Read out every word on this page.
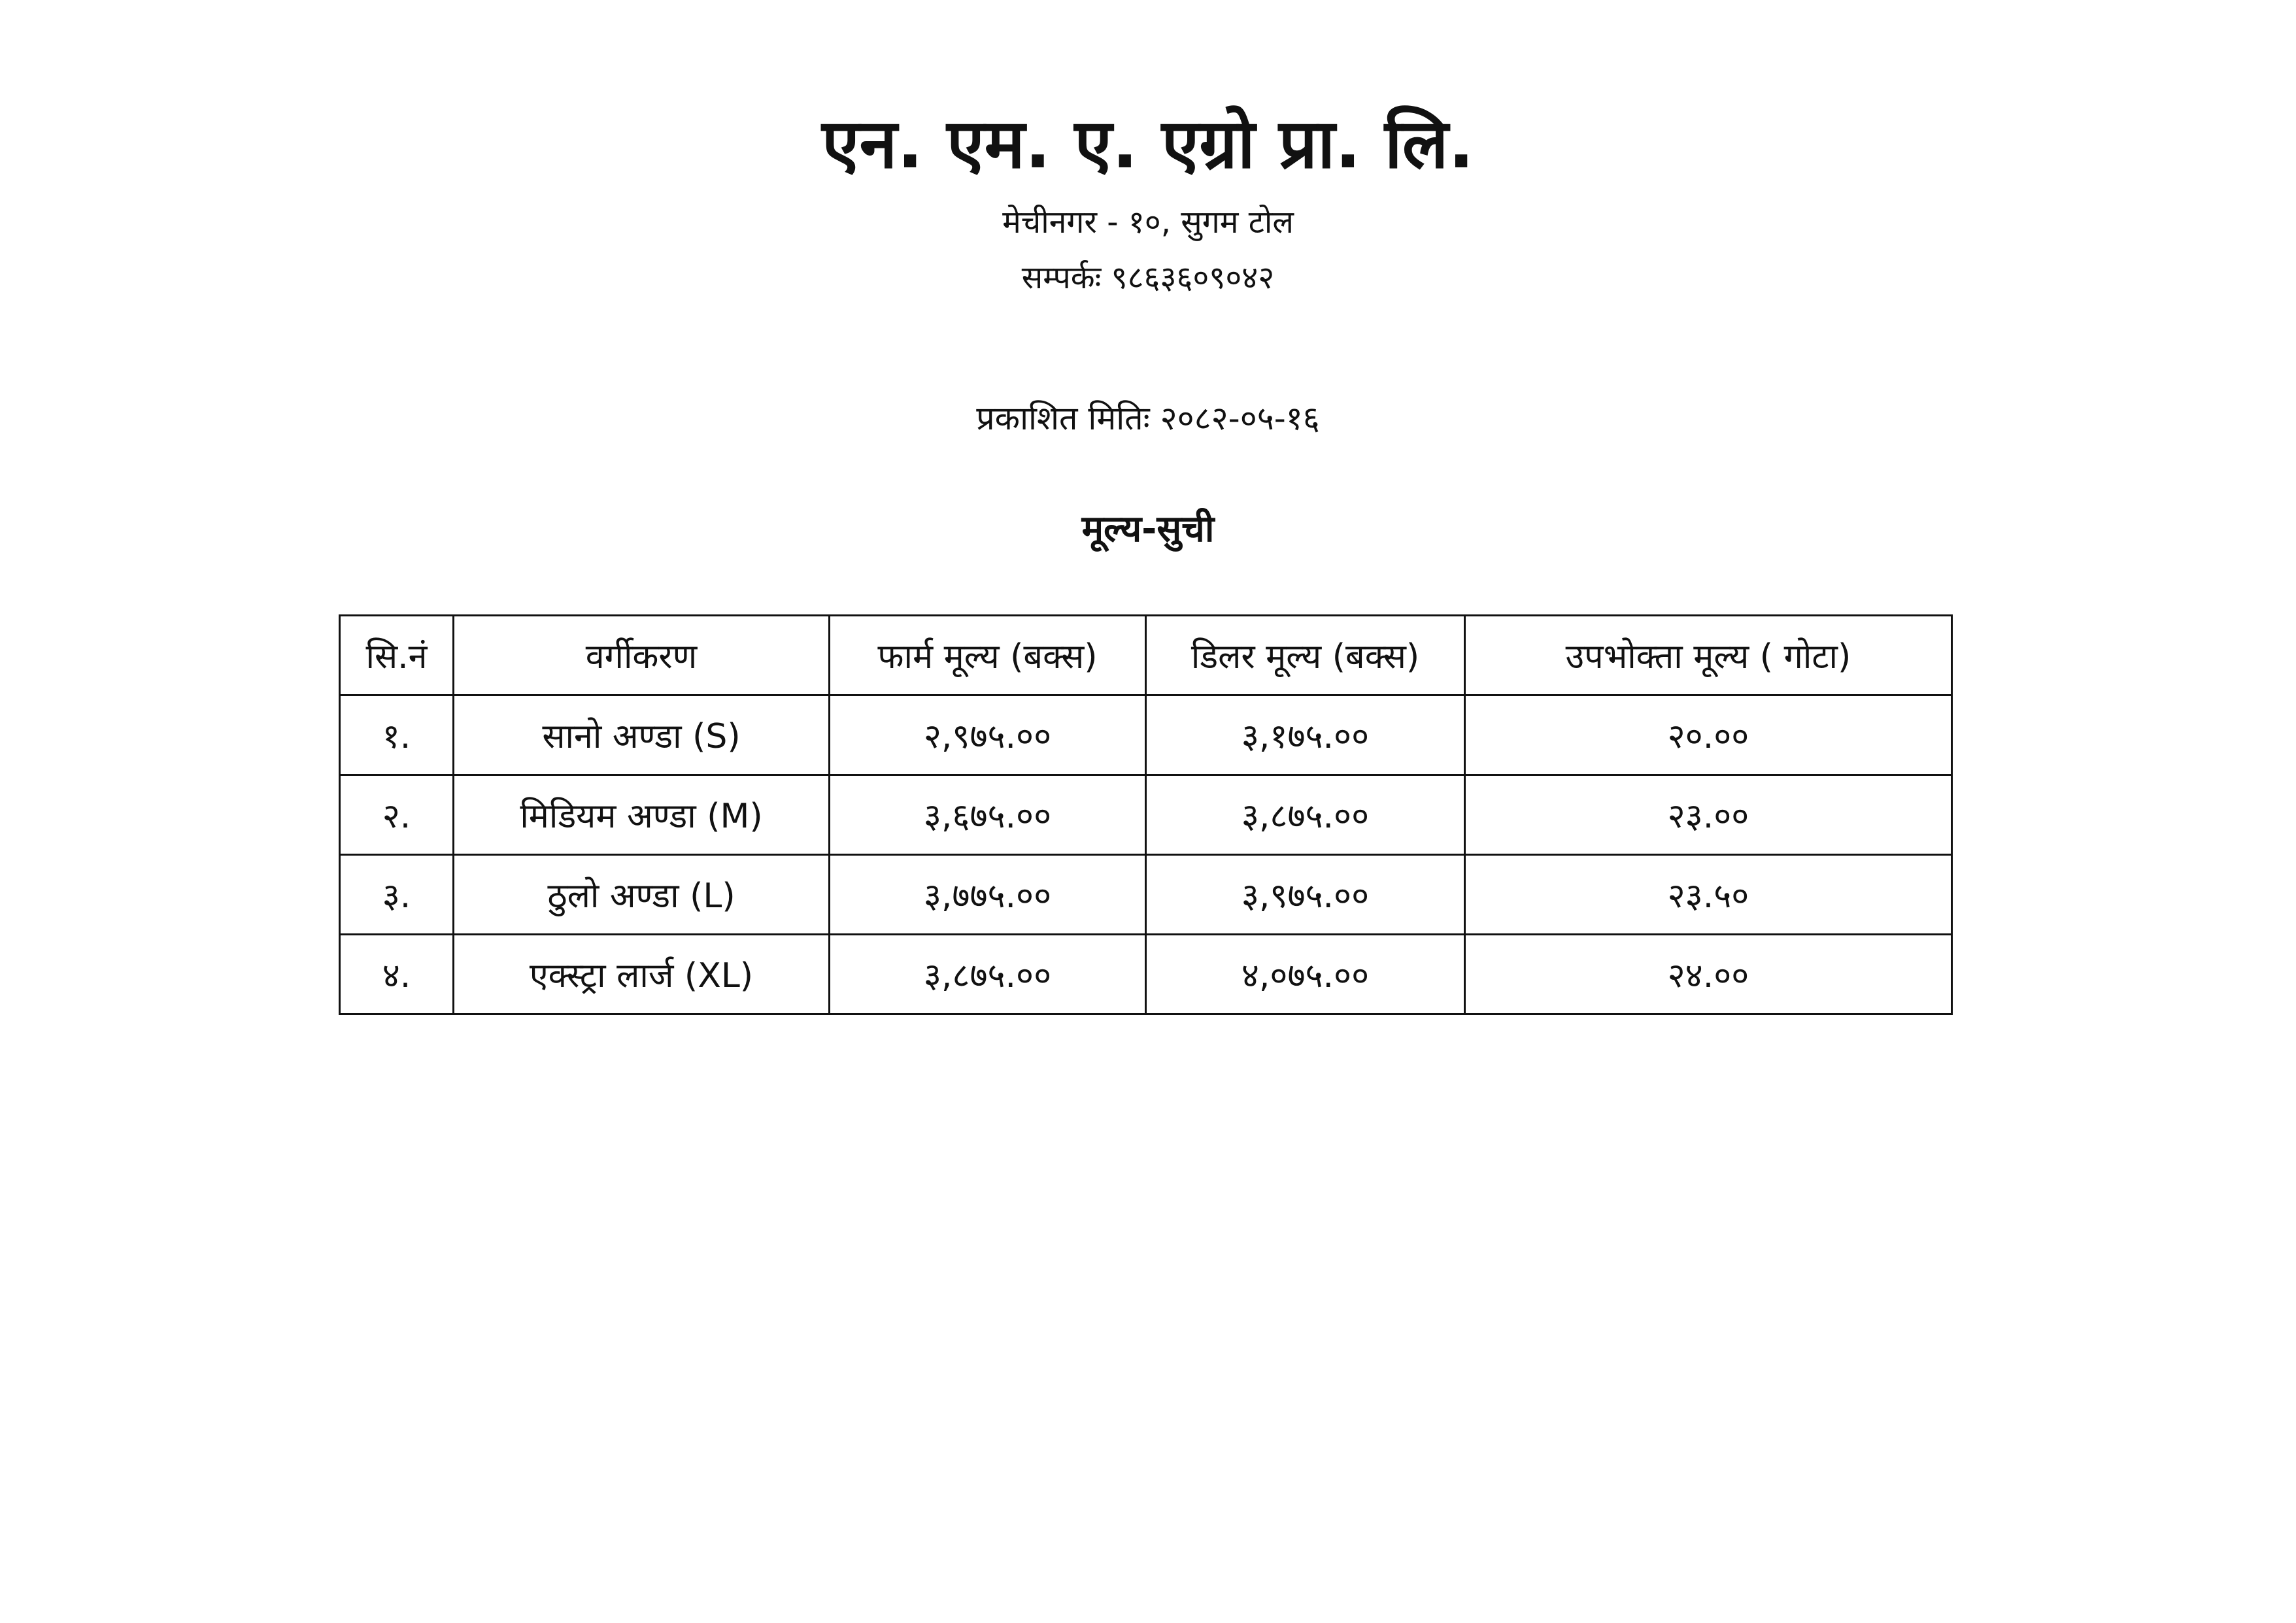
एन. एम. ए. एग्रो प्रा. लि.
मेचीनगर - १०, सुगम टोल
सम्पर्कः ९८६३६०९०४२
प्रकाशित मितिः २०८२-०५-१६
मूल्य-सुची
सि.नं	वर्गीकरण	फार्म मूल्य (बक्स)	डिलर मूल्य (बक्स)	उपभोक्ता मूल्य ( गोटा)
१.	सानो अण्डा (S)	२,९७५.००	३,१७५.००	२०.००
२.	मिडियम अण्डा (M)	३,६७५.००	३,८७५.००	२३.००
३.	ठुलो अण्डा (L)	३,७७५.००	३,९७५.००	२३.५०
४.	एक्स्ट्रा लार्ज (XL)	३,८७५.००	४,०७५.००	२४.००
